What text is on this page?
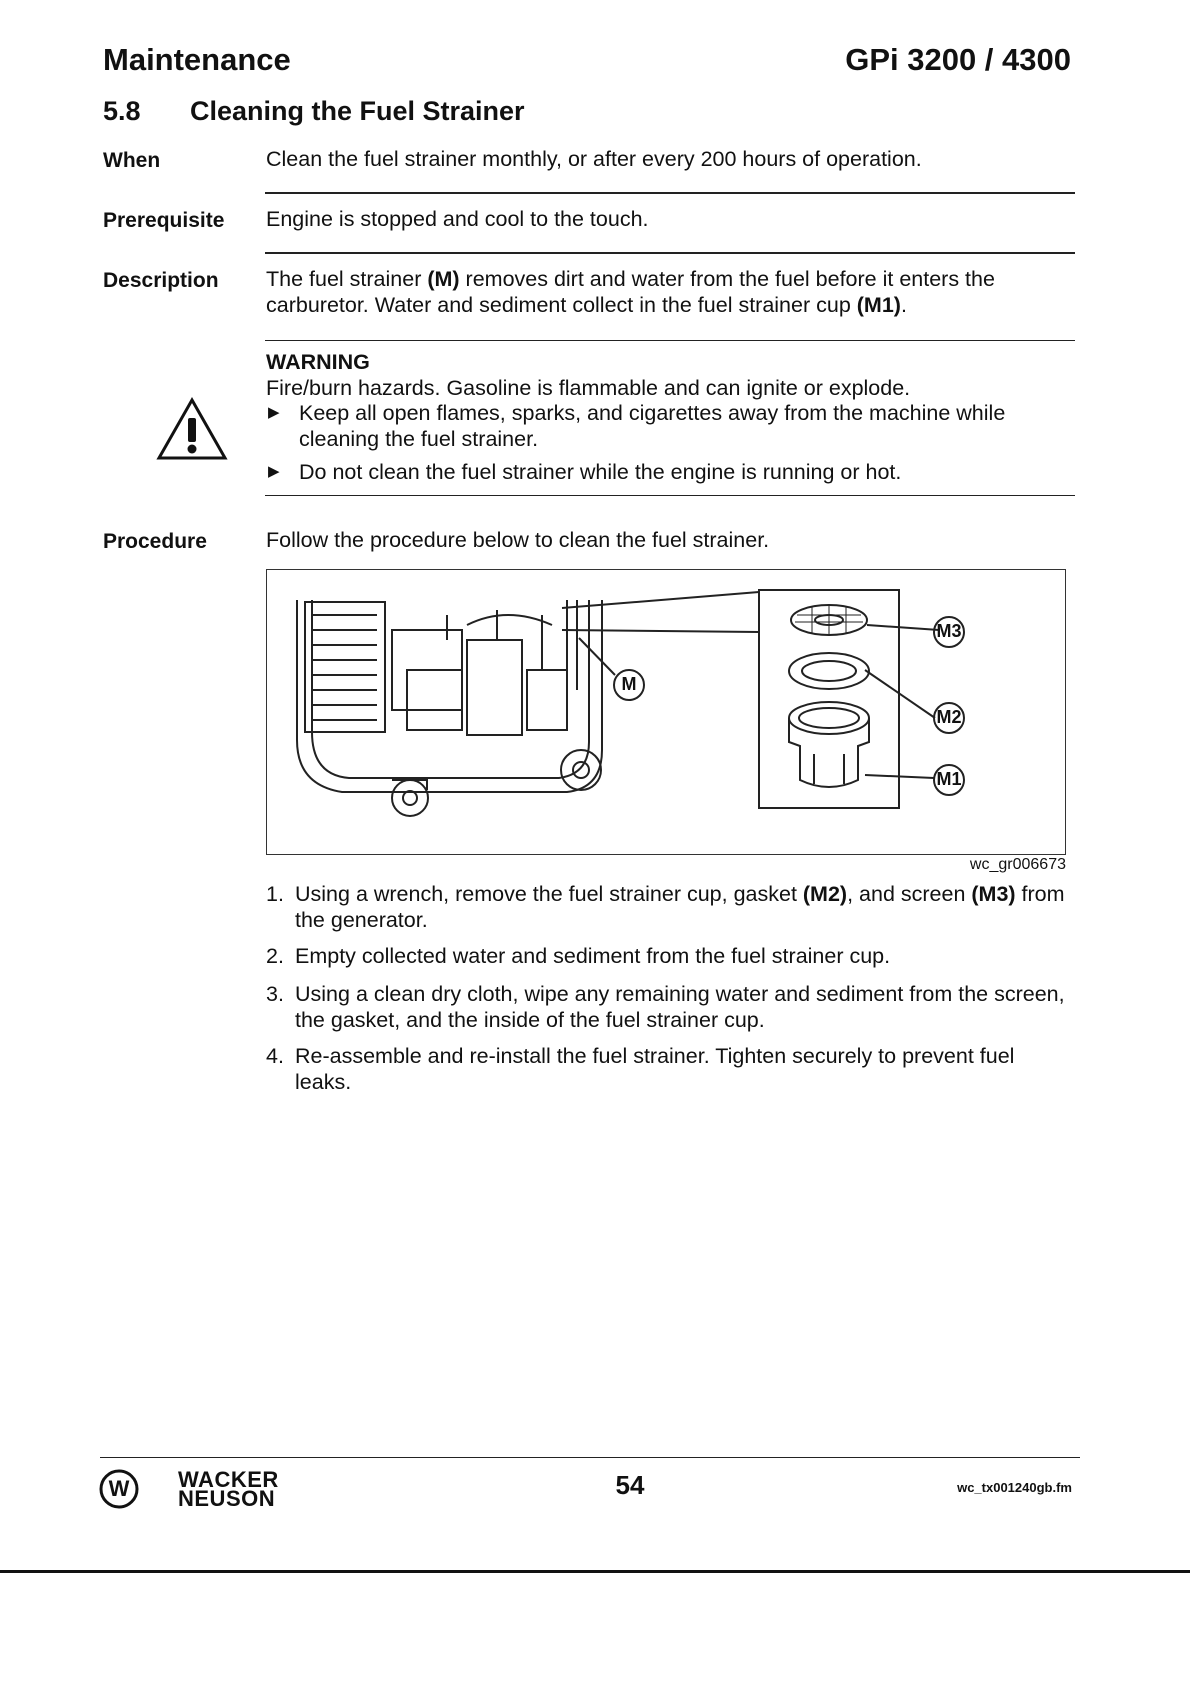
Maintenance	GPi 3200 / 4300
5.8 Cleaning the Fuel Strainer
When	Clean the fuel strainer monthly, or after every 200 hours of operation.
Prerequisite Engine is stopped and cool to the touch.
Description The fuel strainer (M) removes dirt and water from the fuel before it enters the carburetor. Water and sediment collect in the fuel strainer cup (M1).
WARNING
Fire/burn hazards. Gasoline is flammable and can ignite or explode.
▶ Keep all open flames, sparks, and cigarettes away from the machine while cleaning the fuel strainer.
▶ Do not clean the fuel strainer while the engine is running or hot.
Procedure	Follow the procedure below to clean the fuel strainer.
M
M3
M2
M1
wc_gr006673
1. Using a wrench, remove the fuel strainer cup, gasket (M2), and screen (M3) from the generator.
2. Empty collected water and sediment from the fuel strainer cup.
3. Using a clean dry cloth, wipe any remaining water and sediment from the screen, the gasket, and the inside of the fuel strainer cup.
4. Re-assemble and re-install the fuel strainer. Tighten securely to prevent fuel leaks.
W	WACKER
NEUSON	54	wc_tx001240gb.fm
